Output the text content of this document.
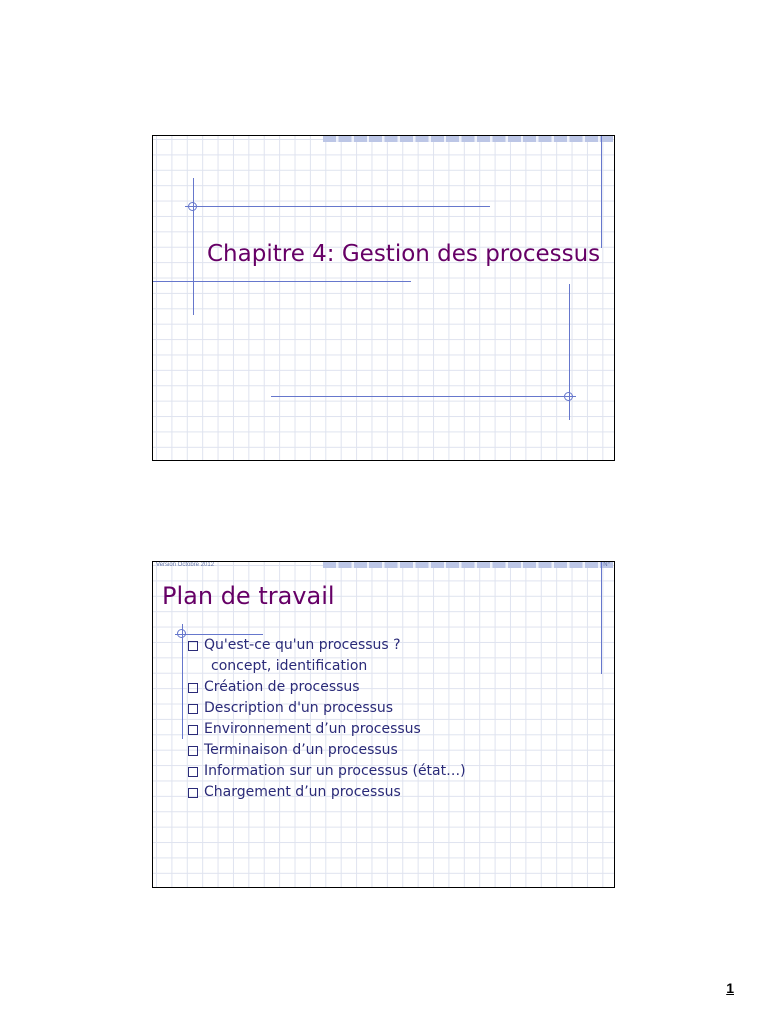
Chapitre 4: Gestion des processus
Version Octobre 2012	N°
Plan de travail
Qu'est-ce qu'un processus ?
concept, identification
Création de processus
Description d'un processus
Environnement d’un processus
Terminaison d’un processus
Information sur un processus (état…)
Chargement d’un processus
1
